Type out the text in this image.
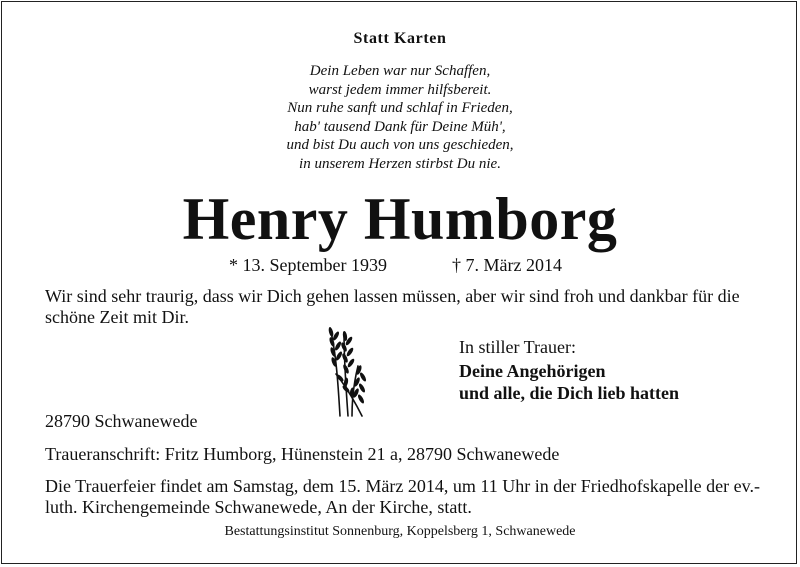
Statt Karten
Dein Leben war nur Schaffen,
warst jedem immer hilfsbereit.
Nun ruhe sanft und schlaf in Frieden,
hab' tausend Dank für Deine Müh',
und bist Du auch von uns geschieden,
in unserem Herzen stirbst Du nie.
Henry Humborg
* 13. September 1939	† 7. März 2014
Wir sind sehr traurig, dass wir Dich gehen lassen müssen, aber wir sind froh und dankbar für die schöne Zeit mit Dir.
In stiller Trauer:
Deine Angehörigen
und alle, die Dich lieb hatten
28790 Schwanewede
Traueranschrift: Fritz Humborg, Hünenstein 21 a, 28790 Schwanewede
Die Trauerfeier findet am Samstag, dem 15. März 2014, um 11 Uhr in der Friedhofskapelle der ev.-luth. Kirchengemeinde Schwanewede, An der Kirche, statt.
Bestattungsinstitut Sonnenburg, Koppelsberg 1, Schwanewede
